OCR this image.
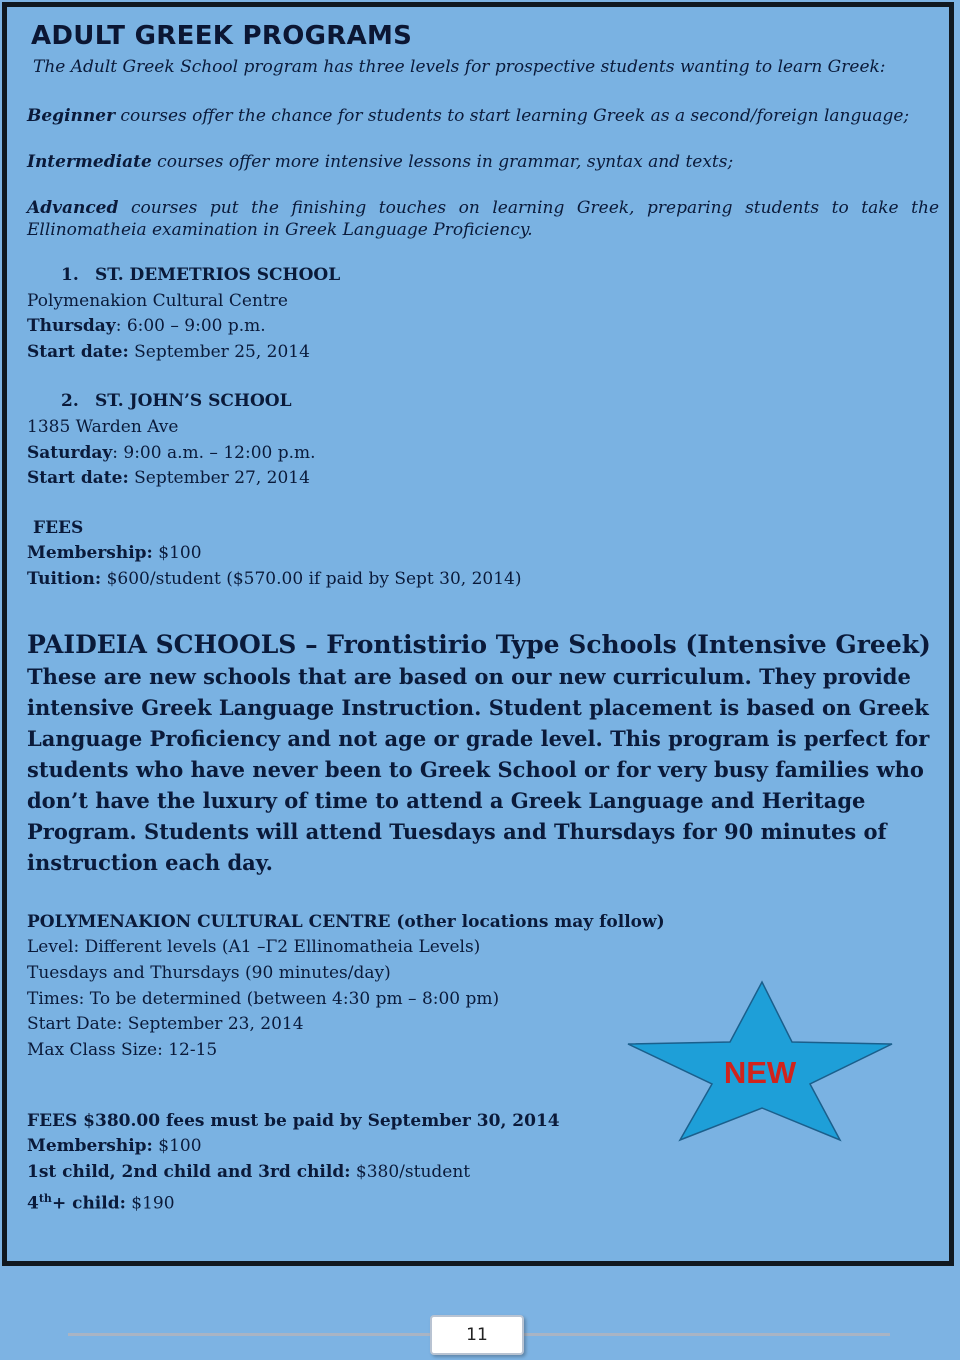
ADULT GREEK PROGRAMS
The Adult Greek School program has three levels for prospective students wanting to learn Greek:
Beginner courses offer the chance for students to start learning Greek as a second/foreign language;
Intermediate courses offer more intensive lessons in grammar, syntax and texts;
Advanced courses put the finishing touches on learning Greek, preparing students to take the Ellinomatheia examination in Greek Language Proficiency.
1. ST. DEMETRIOS SCHOOL
Polymenakion Cultural Centre
Thursday: 6:00 – 9:00 p.m.
Start date: September 25, 2014
2. ST. JOHN’S SCHOOL
1385 Warden Ave
Saturday: 9:00 a.m. – 12:00 p.m.
Start date: September 27, 2014
FEES
Membership: $100
Tuition: $600/student ($570.00 if paid by Sept 30, 2014)
PAIDEIA SCHOOLS – Frontistirio Type Schools (Intensive Greek)
These are new schools that are based on our new curriculum. They provide intensive Greek Language Instruction. Student placement is based on Greek Language Proficiency and not age or grade level. This program is perfect for students who have never been to Greek School or for very busy families who don’t have the luxury of time to attend a Greek Language and Heritage Program. Students will attend Tuesdays and Thursdays for 90 minutes of instruction each day.
POLYMENAKION CULTURAL CENTRE (other locations may follow)
Level: Different levels (A1 –Γ2 Ellinomatheia Levels)
Tuesdays and Thursdays (90 minutes/day)
Times: To be determined (between 4:30 pm – 8:00 pm)
Start Date: September 23, 2014
Max Class Size: 12-15
FEES $380.00 fees must be paid by September 30, 2014
Membership: $100
1st child, 2nd child and 3rd child: $380/student
4th+ child: $190
NEW
11
